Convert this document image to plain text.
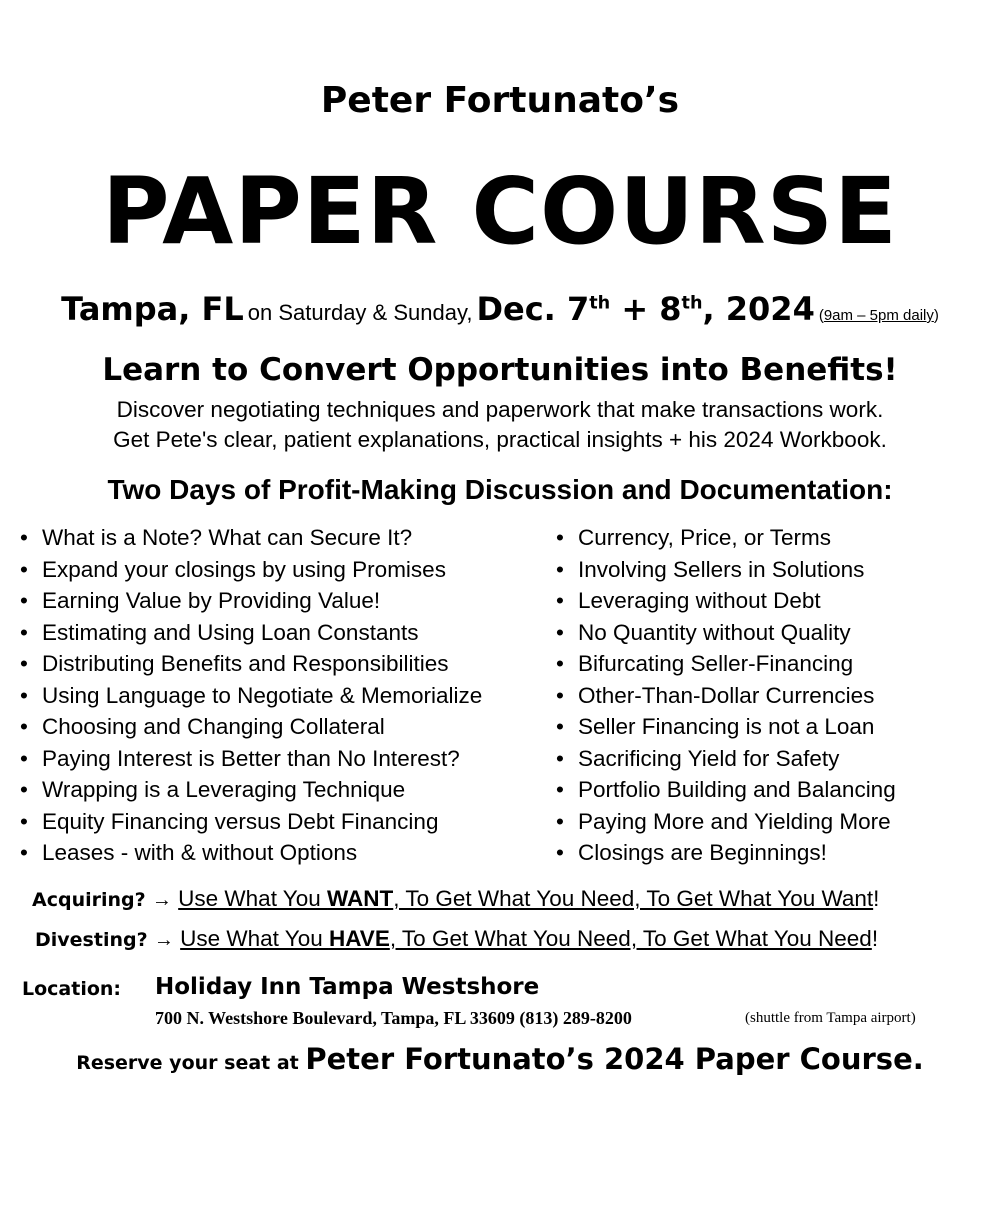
Peter Fortunato’s
PAPER COURSE
Tampa, FL on Saturday & Sunday, Dec. 7th + 8th, 2024 (9am – 5pm daily)
Learn to Convert Opportunities into Benefits!
Discover negotiating techniques and paperwork that make transactions work.
Get Pete's clear, patient explanations, practical insights + his 2024 Workbook.
Two Days of Profit-Making Discussion and Documentation:
• What is a Note? What can Secure It?
• Expand your closings by using Promises
• Earning Value by Providing Value!
• Estimating and Using Loan Constants
• Distributing Benefits and Responsibilities
• Using Language to Negotiate & Memorialize
• Choosing and Changing Collateral
• Paying Interest is Better than No Interest?
• Wrapping is a Leveraging Technique
• Equity Financing versus Debt Financing
• Leases - with & without Options
• Currency, Price, or Terms
• Involving Sellers in Solutions
• Leveraging without Debt
• No Quantity without Quality
• Bifurcating Seller-Financing
• Other-Than-Dollar Currencies
• Seller Financing is not a Loan
• Sacrificing Yield for Safety
• Portfolio Building and Balancing
• Paying More and Yielding More
• Closings are Beginnings!
Acquiring? → Use What You WANT, To Get What You Need, To Get What You Want!
Divesting? → Use What You HAVE, To Get What You Need, To Get What You Need!
Location: Holiday Inn Tampa Westshore
700 N. Westshore Boulevard, Tampa, FL 33609 (813) 289-8200	(shuttle from Tampa airport)
Reserve your seat at Peter Fortunato’s 2024 Paper Course.
